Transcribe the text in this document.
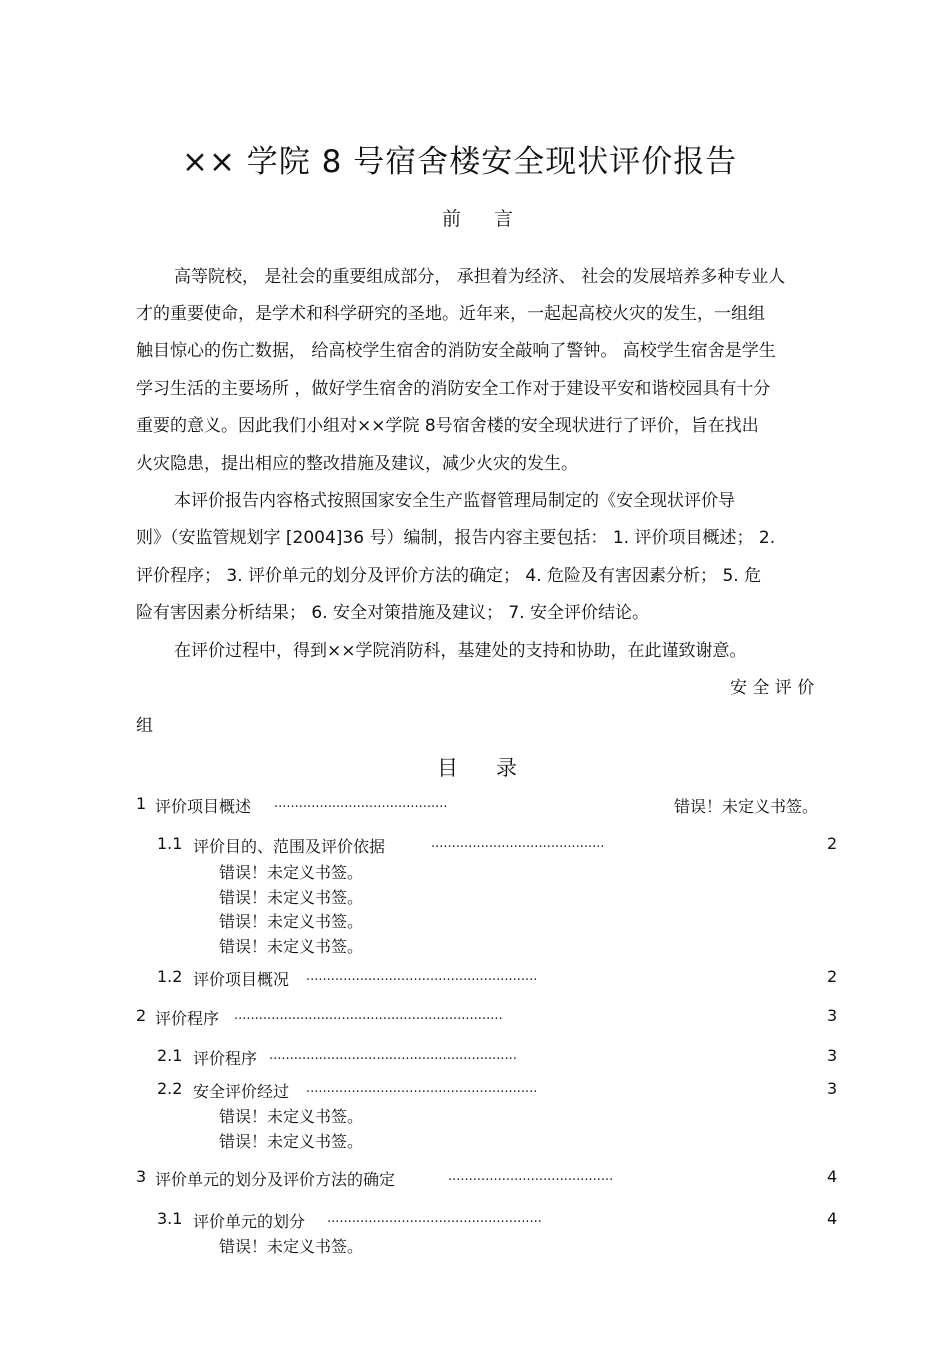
×× 学院 8 号宿舍楼安全现状评价报告
前 言
高等院校， 是社会的重要组成部分， 承担着为经济、 社会的发展培养多种专业人
才的重要使命，是学术和科学研究的圣地。近年来，一起起高校火灾的发生，一组组
触目惊心的伤亡数据， 给高校学生宿舍的消防安全敲响了警钟。 高校学生宿舍是学生
学习生活的主要场所 ，做好学生宿舍的消防安全工作对于建设平安和谐校园具有十分
重要的意义。因此我们小组对××学院 8号宿舍楼的安全现状进行了评价，旨在找出
火灾隐患，提出相应的整改措施及建议，减少火灾的发生。
本评价报告内容格式按照国家安全生产监督管理局制定的《安全现状评价导
则》（安监管规划字 [2004]36 号）编制，报告内容主要包括： 1. 评价项目概述； 2.
评价程序； 3. 评价单元的划分及评价方法的确定； 4. 危险及有害因素分析； 5. 危
险有害因素分析结果； 6. 安全对策措施及建议； 7. 安全评价结论。
在评价过程中，得到××学院消防科，基建处的支持和协助，在此谨致谢意。
安 全 评 价
组
目 录
1 评价项目概述 ..........................................	错误！未定义书签。
1.1 评价目的、范围及评价依据	..........................................	2
错误！未定义书签。
错误！未定义书签。
错误！未定义书签。
错误！未定义书签。
1.2 评价项目概况 ........................................................	2
2 评价程序 .................................................................	3
2.1 评价程序 ............................................................	3
2.2 安全评价经过 ........................................................	3
错误！未定义书签。
错误！未定义书签。
3 评价单元的划分及评价方法的确定	........................................	4
3.1 评价单元的划分 ....................................................	4
错误！未定义书签。
